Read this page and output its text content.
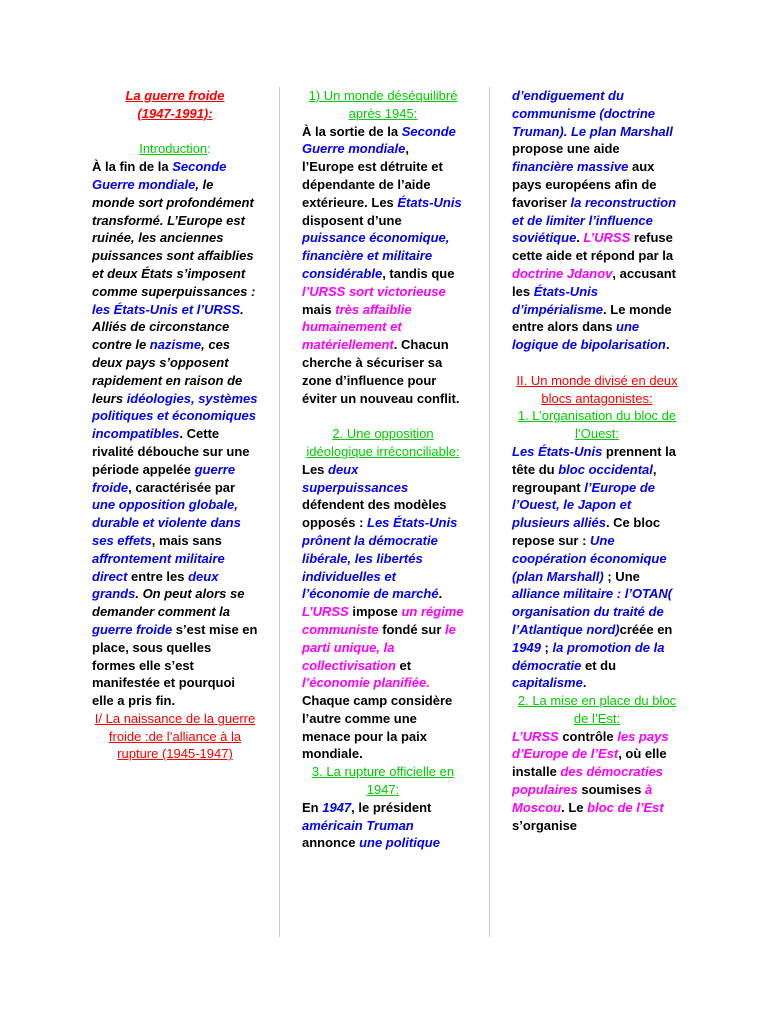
La guerre froide
(1947-1991):

Introduction:

À la fin de la Seconde Guerre mondiale, le monde sort profondément transformé. L’Europe est ruinée, les anciennes puissances sont affaiblies et deux États s’imposent comme superpuissances : les États-Unis et l’URSS. Alliés de circonstance contre le nazisme, ces deux pays s’opposent rapidement en raison de leurs idéologies, systèmes politiques et économiques incompatibles. Cette rivalité débouche sur une période appelée guerre froide, caractérisée par une opposition globale, durable et violente dans ses effets, mais sans affrontement militaire direct entre les deux grands. On peut alors se demander comment la guerre froide s’est mise en place, sous quelles formes elle s’est manifestée et pourquoi elle a pris fin.

I/ La naissance de la guerre froide :de l’alliance à la rupture (1945-1947)

1) Un monde déséquilibré après 1945:

À la sortie de la Seconde Guerre mondiale, l’Europe est détruite et dépendante de l’aide extérieure. Les États-Unis disposent d’une puissance économique, financière et militaire considérable, tandis que l’URSS sort victorieuse mais très affaiblie humainement et matériellement. Chacun cherche à sécuriser sa zone d’influence pour éviter un nouveau conflit.

2. Une opposition idéologique irréconciliable:

Les deux superpuissances défendent des modèles opposés : Les États-Unis prônent la démocratie libérale, les libertés individuelles et l’économie de marché. L’URSS impose un régime communiste fondé sur le parti unique, la collectivisation et l’économie planifiée. Chaque camp considère l’autre comme une menace pour la paix mondiale.

3. La rupture officielle en 1947:

En 1947, le président américain Truman annonce une politique

d’endiguement du communisme (doctrine Truman). Le plan Marshall propose une aide financière massive aux pays européens afin de favoriser la reconstruction et de limiter l’influence soviétique. L’URSS refuse cette aide et répond par la doctrine Jdanov, accusant les États-Unis d’impérialisme. Le monde entre alors dans une logique de bipolarisation.

II. Un monde divisé en deux blocs antagonistes:

1. L’organisation du bloc de l’Ouest:

Les États-Unis prennent la tête du bloc occidental, regroupant l’Europe de l’Ouest, le Japon et plusieurs alliés. Ce bloc repose sur : Une coopération économique (plan Marshall) ; Une alliance militaire : l’OTAN( organisation du traité de l’Atlantique nord)créée en 1949 ; la promotion de la démocratie et du capitalisme.

2. La mise en place du bloc de l’Est:

L’URSS contrôle les pays d’Europe de l’Est, où elle installe des démocraties populaires soumises à Moscou. Le bloc de l’Est s’organise
